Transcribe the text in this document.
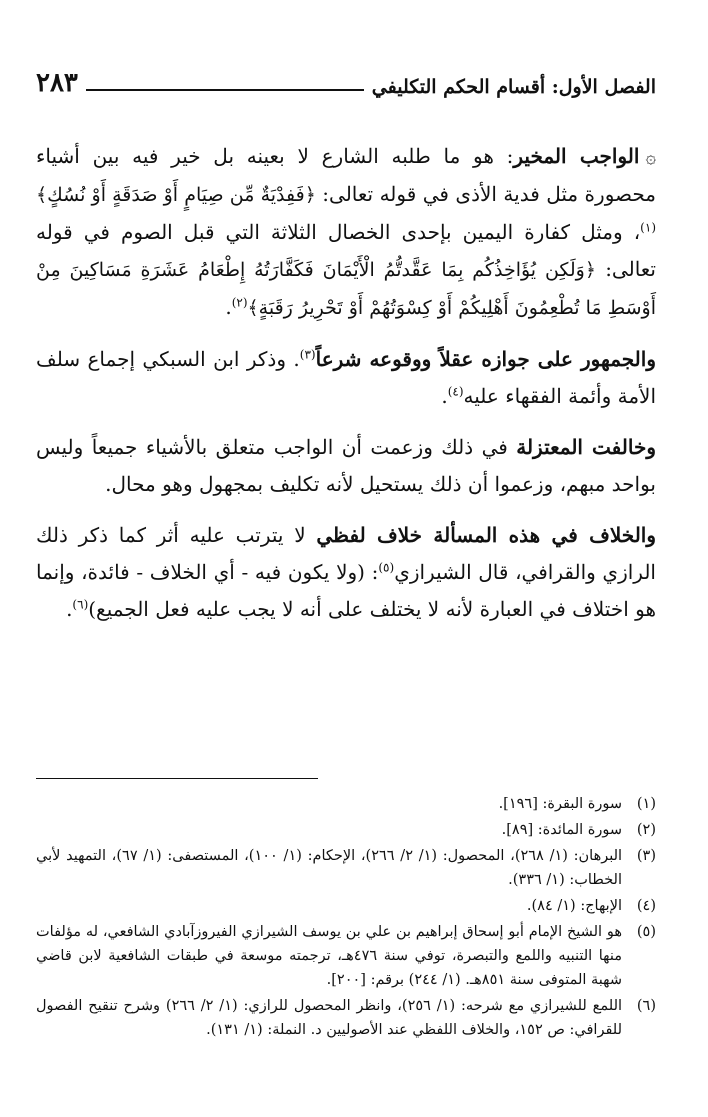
الفصل الأول: أقسام الحكم التكليفي
٢٨٣

۞الواجب المخير: هو ما طلبه الشارع لا بعينه بل خير فيه بين أشياء محصورة مثل فدية الأذى في قوله تعالى: ﴿فَفِدْيَةٌ مِّن صِيَامٍ أَوْ صَدَقَةٍ أَوْ نُسُكٍ﴾$^{(١)}$، ومثل كفارة اليمين بإحدى الخصال الثلاثة التي قبل الصوم في قوله تعالى: ﴿وَلَكِن يُؤَاخِذُكُم بِمَا عَقَّدتُّمُ الْأَيْمَانَ فَكَفَّارَتُهُ إِطْعَامُ عَشَرَةِ مَسَاكِينَ مِنْ أَوْسَطِ مَا تُطْعِمُونَ أَهْلِيكُمْ أَوْ كِسْوَتُهُمْ أَوْ تَحْرِيرُ رَقَبَةٍ﴾$^{(٢)}$.

والجمهور على جوازه عقلاً ووقوعه شرعاً$^{(٣)}$. وذكر ابن السبكي إجماع سلف الأمة وأئمة الفقهاء عليه$^{(٤)}$.

وخالفت المعتزلة في ذلك وزعمت أن الواجب متعلق بالأشياء جميعاً وليس بواحد مبهم، وزعموا أن ذلك يستحيل لأنه تكليف بمجهول وهو محال.

والخلاف في هذه المسألة خلاف لفظي لا يترتب عليه أثر كما ذكر ذلك الرازي والقرافي، قال الشيرازي$^{(٥)}$: (ولا يكون فيه - أي الخلاف - فائدة، وإنما هو اختلاف في العبارة لأنه لا يختلف على أنه لا يجب عليه فعل الجميع)$^{(٦)}$.

(١)
سورة البقرة: [١٩٦].
(٢)
سورة المائدة: [٨٩].
(٣)
البرهان: (١/ ٢٦٨)، المحصول: (١/ ٢/ ٢٦٦)، الإحكام: (١/ ١٠٠)، المستصفى: (١/ ٦٧)، التمهيد لأبي الخطاب: (١/ ٣٣٦).
(٤)
الإبهاج: (١/ ٨٤).
(٥)
هو الشيخ الإمام أبو إسحاق إبراهيم بن علي بن يوسف الشيرازي الفيروزآبادي الشافعي، له مؤلفات منها التنبيه واللمع والتبصرة، توفي سنة ٤٧٦هـ، ترجمته موسعة في طبقات الشافعية لابن قاضي شهبة المتوفى سنة ٨٥١هـ. (١/ ٢٤٤) برقم: [٢٠٠].
(٦)
اللمع للشيرازي مع شرحه: (١/ ٢٥٦)، وانظر المحصول للرازي: (١/ ٢/ ٢٦٦) وشرح تنقيح الفصول للقرافي: ص ١٥٢، والخلاف اللفظي عند الأصوليين د. النملة: (١/ ١٣١).
